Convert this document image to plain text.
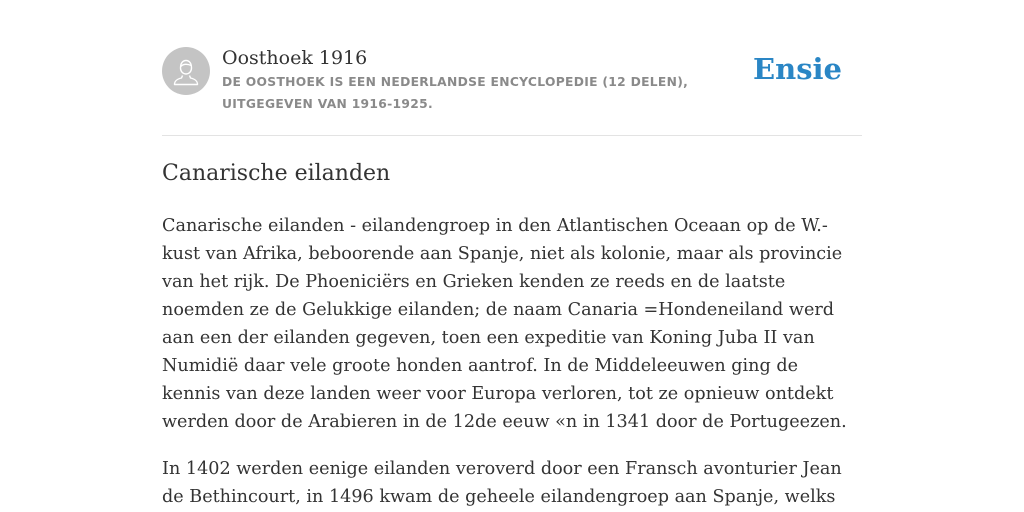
Oosthoek 1916
DE OOSTHOEK IS EEN NEDERLANDSE ENCYCLOPEDIE (12 DELEN), UITGEGEVEN VAN 1916-1925.
Ensie
Canarische eilanden

Canarische eilanden - eilandengroep in den Atlantischen Oceaan op de W.-kust van Afrika, beboorende aan Spanje, niet als kolonie, maar als provincie van het rijk. De Phoeniciërs en Grieken kenden ze reeds en de laatste noemden ze de Gelukkige eilanden; de naam Canaria =Hondeneiland werd aan een der eilanden gegeven, toen een expeditie van Koning Juba II van Numidië daar vele groote honden aantrof. In de Middeleeuwen ging de kennis van deze landen weer voor Europa verloren, tot ze opnieuw ontdekt werden door de Arabieren in de 12de eeuw «n in 1341 door de Portugeezen.

In 1402 werden eenige eilanden veroverd door een Fransch avonturier Jean de Bethincourt, in 1496 kwam de geheele eilandengroep aan Spanje, welks
